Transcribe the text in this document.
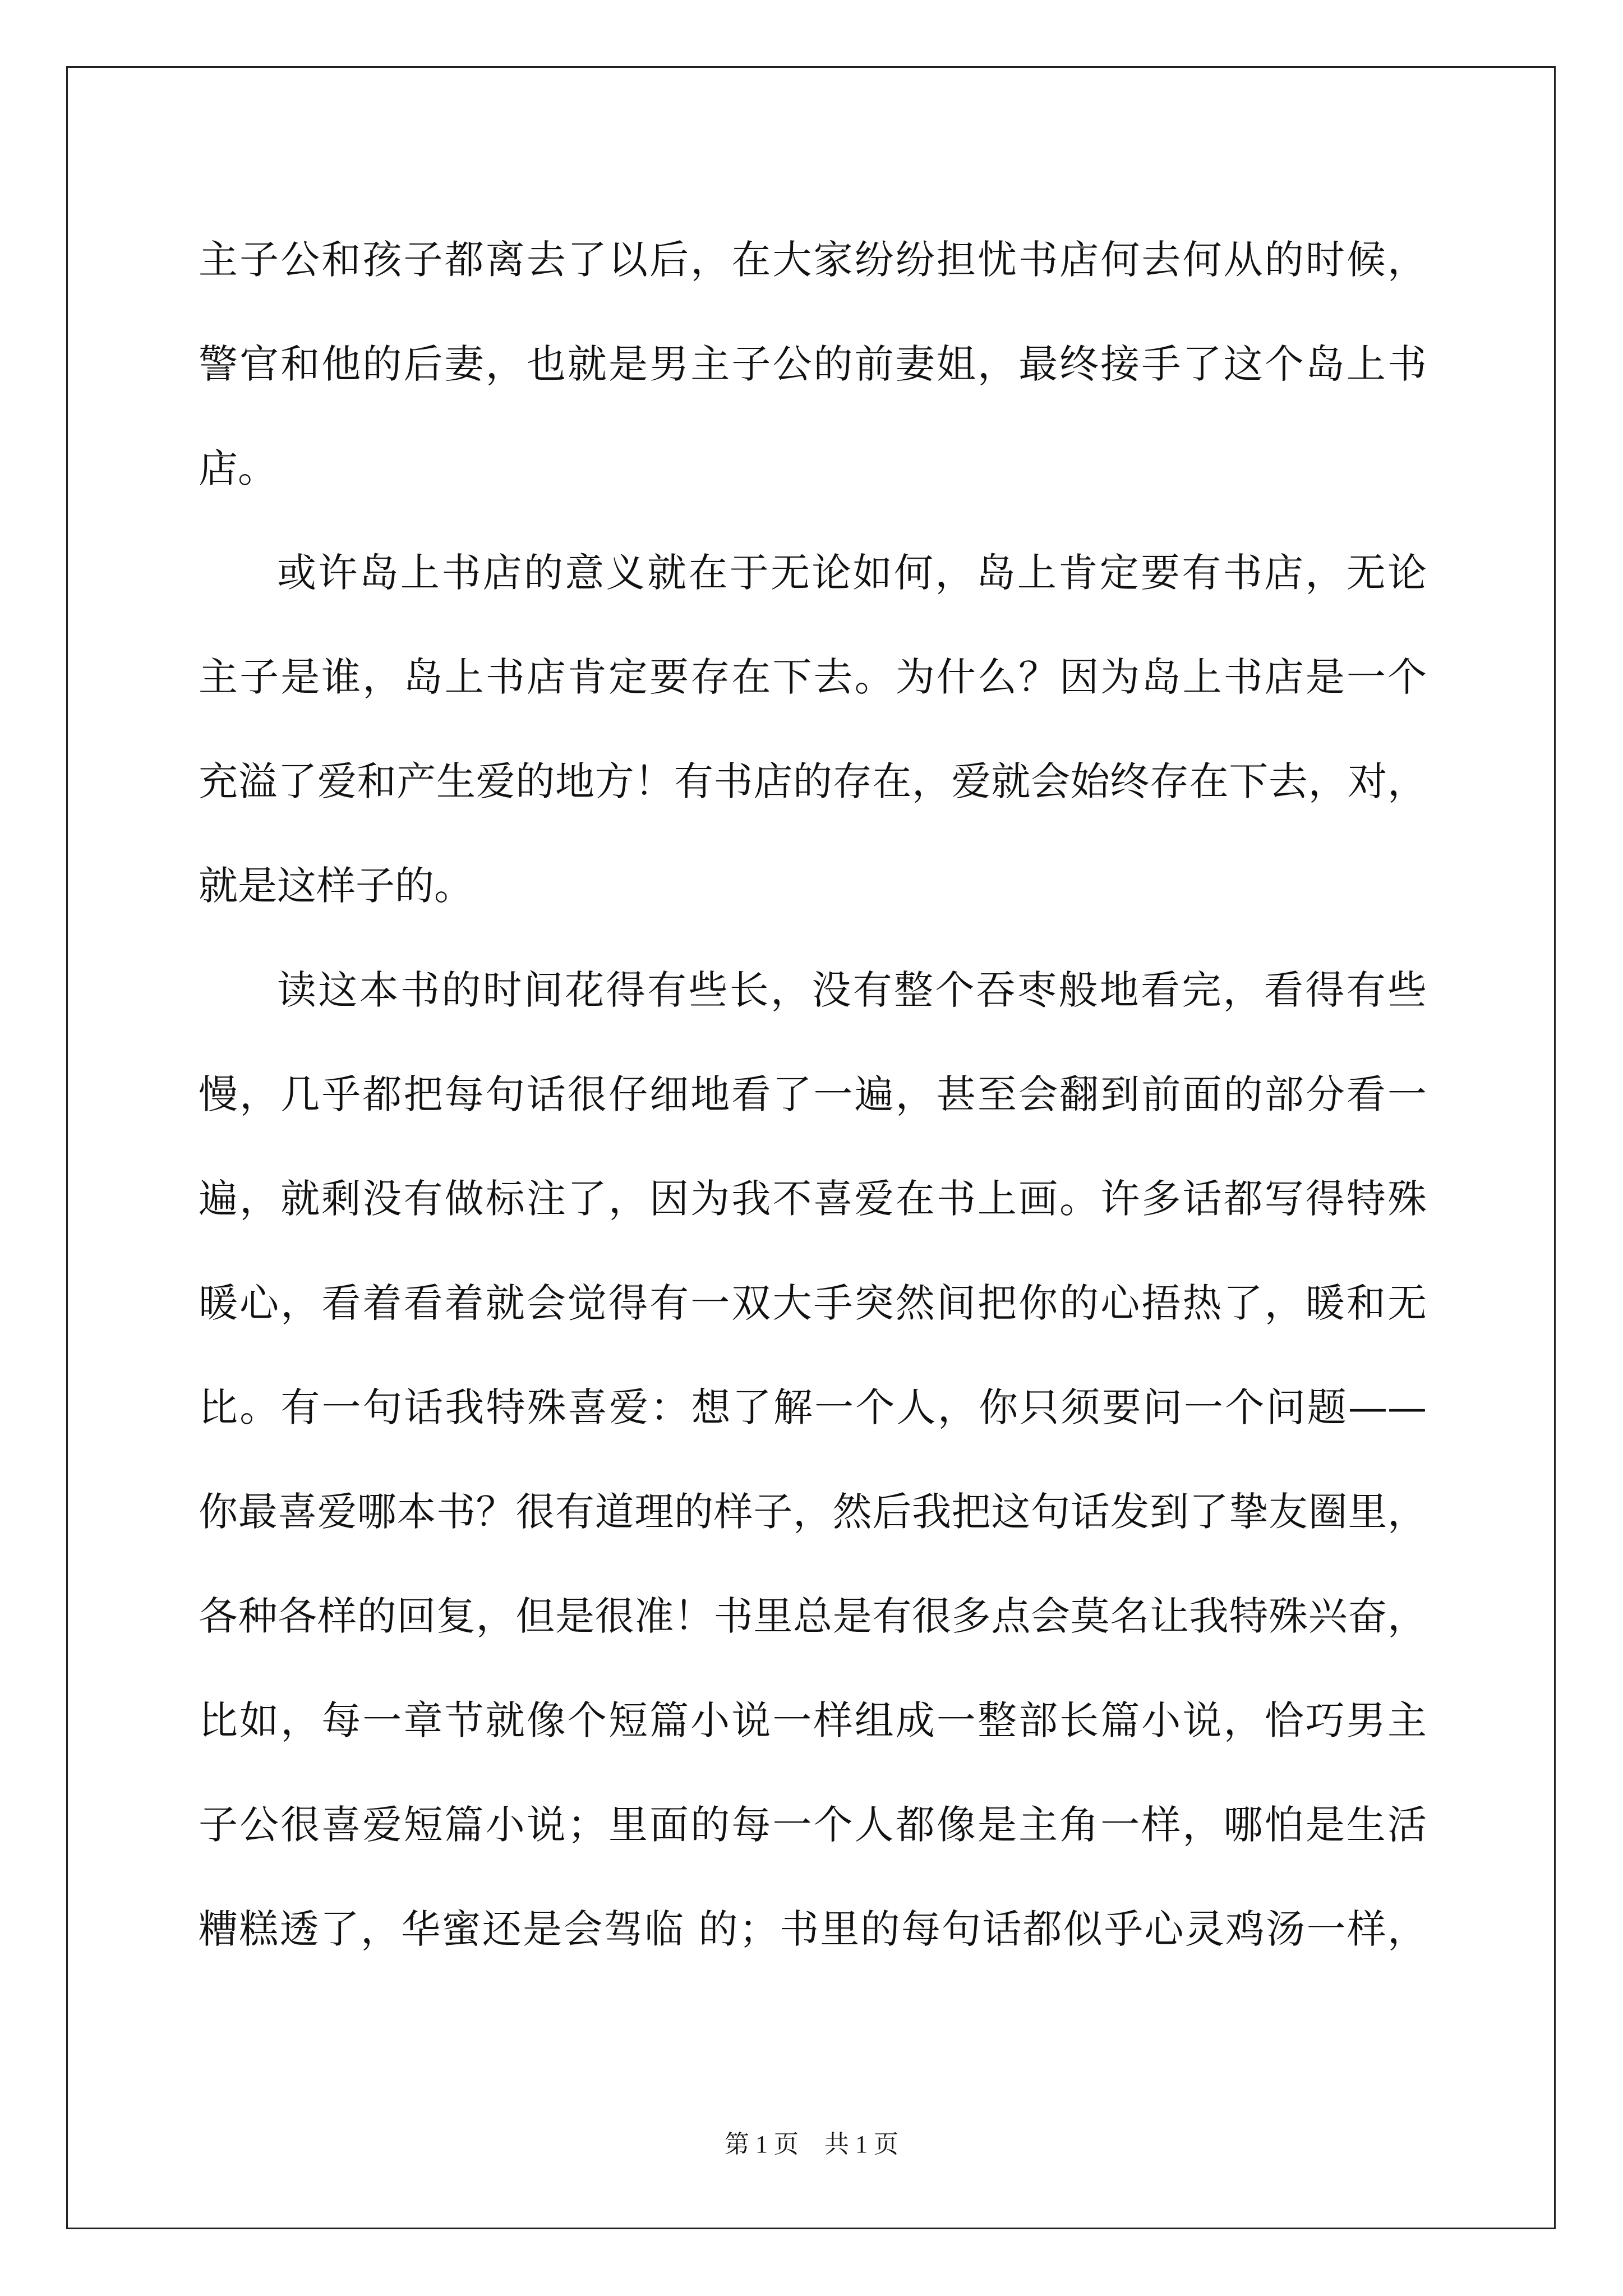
主子公和孩子都离去了以后，在大家纷纷担忧书店何去何从的时候，
警官和他的后妻，也就是男主子公的前妻姐，最终接手了这个岛上书
店。
或许岛上书店的意义就在于无论如何，岛上肯定要有书店，无论
主子是谁，岛上书店肯定要存在下去。为什么？因为岛上书店是一个
充溢了爱和产生爱的地方！有书店的存在，爱就会始终存在下去，对，
就是这样子的。
读这本书的时间花得有些长，没有整个吞枣般地看完，看得有些
慢，几乎都把每句话很仔细地看了一遍，甚至会翻到前面的部分看一
遍，就剩没有做标注了，因为我不喜爱在书上画。许多话都写得特殊
暖心，看着看着就会觉得有一双大手突然间把你的心捂热了，暖和无
比。有一句话我特殊喜爱：想了解一个人，你只须要问一个问题——
你最喜爱哪本书？很有道理的样子，然后我把这句话发到了挚友圈里，
各种各样的回复，但是很准！书里总是有很多点会莫名让我特殊兴奋，
比如，每一章节就像个短篇小说一样组成一整部长篇小说，恰巧男主
子公很喜爱短篇小说；里面的每一个人都像是主角一样，哪怕是生活
糟糕透了，华蜜还是会驾临 的；书里的每句话都似乎心灵鸡汤一样，
第 1 页 共 1 页
